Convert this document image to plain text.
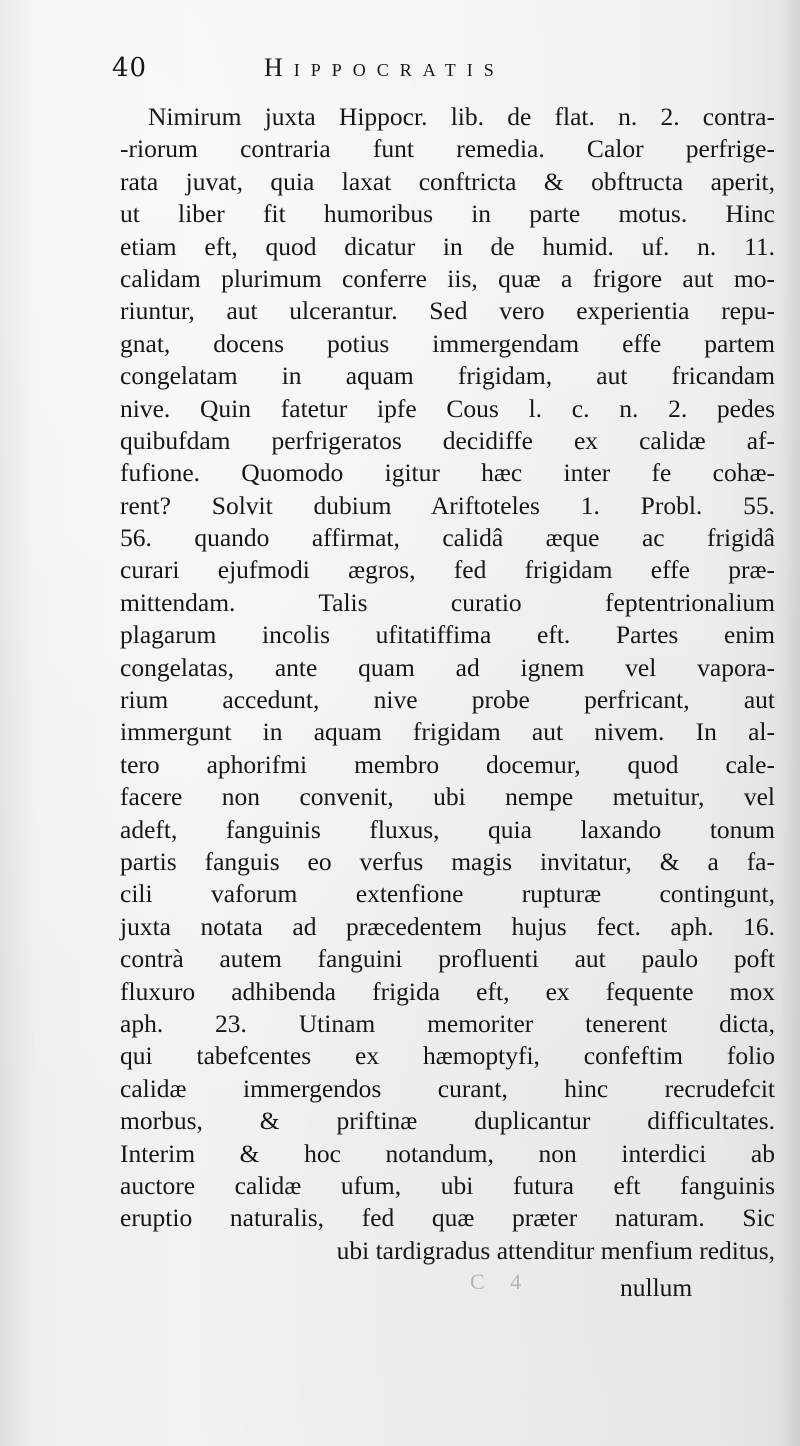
40	Hippocratis
Nimirum juxta Hippocr. lib. de flat. n. 2. contra-
-riorum contraria funt remedia. Calor perfrige-
rata juvat, quia laxat conftricta & obftructa aperit,
ut liber fit humoribus in parte motus. Hinc
etiam eft, quod dicatur in de humid. uf. n. 11.
calidam plurimum conferre iis, quæ a frigore aut mo-
riuntur, aut ulcerantur. Sed vero experientia repu-
gnat, docens potius immergendam effe partem
congelatam in aquam frigidam, aut fricandam
nive. Quin fatetur ipfe Cous l. c. n. 2. pedes
quibufdam perfrigeratos decidiffe ex calidæ af-
fufione. Quomodo igitur hæc inter fe cohæ-
rent? Solvit dubium Ariftoteles 1. Probl. 55.
56. quando affirmat, calidâ æque ac frigidâ
curari ejufmodi ægros, fed frigidam effe præ-
mittendam. Talis curatio feptentrionalium
plagarum incolis ufitatiffima eft. Partes enim
congelatas, ante quam ad ignem vel vapora-
rium accedunt, nive probe perfricant, aut
immergunt in aquam frigidam aut nivem. In al-
tero aphorifmi membro docemur, quod cale-
facere non convenit, ubi nempe metuitur, vel
adeft, fanguinis fluxus, quia laxando tonum
partis fanguis eo verfus magis invitatur, & a fa-
cili vaforum extenfione rupturæ contingunt,
juxta notata ad præcedentem hujus fect. aph. 16.
contrà autem fanguini profluenti aut paulo poft
fluxuro adhibenda frigida eft, ex fequente mox
aph. 23. Utinam memoriter tenerent dicta,
qui tabefcentes ex hæmoptyfi, confeftim folio
calidæ immergendos curant, hinc recrudefcit
morbus, & priftinæ duplicantur difficultates.
Interim & hoc notandum, non interdici ab
auctore calidæ ufum, ubi futura eft fanguinis
eruptio naturalis, fed quæ præter naturam. Sic
ubi tardigradus attenditur menfium reditus,
C 4	nullum
